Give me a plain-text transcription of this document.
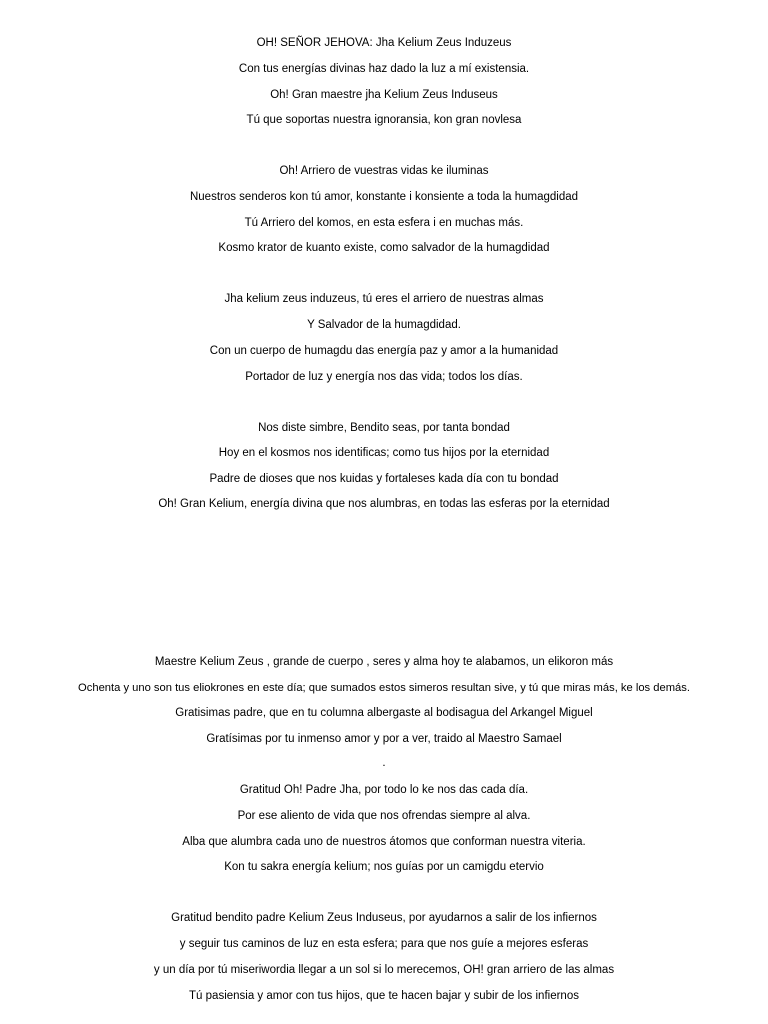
OH! SEÑOR JEHOVA: Jha Kelium Zeus Induzeus
Con tus energías divinas haz dado la luz a mí existensia.
Oh! Gran maestre jha Kelium Zeus Induseus
Tú que soportas nuestra ignoransia, kon gran novlesa
Oh! Arriero de vuestras vidas ke iluminas
Nuestros senderos kon tú amor, konstante i konsiente a toda la humagdidad
Tú Arriero del komos, en esta esfera i en muchas más.
Kosmo krator de kuanto existe, como salvador de la humagdidad
Jha kelium zeus induzeus, tú eres el arriero de nuestras almas
Y Salvador de la humagdidad.
Con un cuerpo de humagdu das energía paz y amor a la humanidad
Portador de luz y energía nos das vida; todos los días.
Nos diste simbre, Bendito seas, por tanta bondad
Hoy en el kosmos nos identificas; como tus hijos por la eternidad
Padre de dioses que nos kuidas y fortaleses kada día con tu bondad
Oh! Gran Kelium, energía divina que nos alumbras, en todas las esferas por la eternidad
Maestre Kelium Zeus , grande de cuerpo , seres y alma hoy te alabamos, un elikoron más
Ochenta y uno son tus eliokrones en este día; que sumados estos simeros resultan sive, y tú que miras más, ke los demás.
Gratisimas padre, que en tu columna albergaste al bodisagua del Arkangel Miguel
Gratísimas por tu inmenso amor y por a ver, traido al Maestro Samael
.
Gratitud Oh! Padre Jha, por todo lo ke nos das cada día.
Por ese aliento de vida que nos ofrendas siempre al alva.
Alba que alumbra cada uno de nuestros átomos que conforman nuestra viteria.
Kon tu sakra energía kelium; nos guías por un camigdu etervio
Gratitud bendito padre Kelium Zeus Induseus, por ayudarnos a salir de los infiernos
y seguir tus caminos de luz en esta esfera; para que nos guíe a mejores esferas
y un día por tú miseriwordia llegar a un sol si lo merecemos, OH! gran arriero de las almas
Tú pasiensia y amor con tus hijos, que te hacen bajar y subir de los infiernos
